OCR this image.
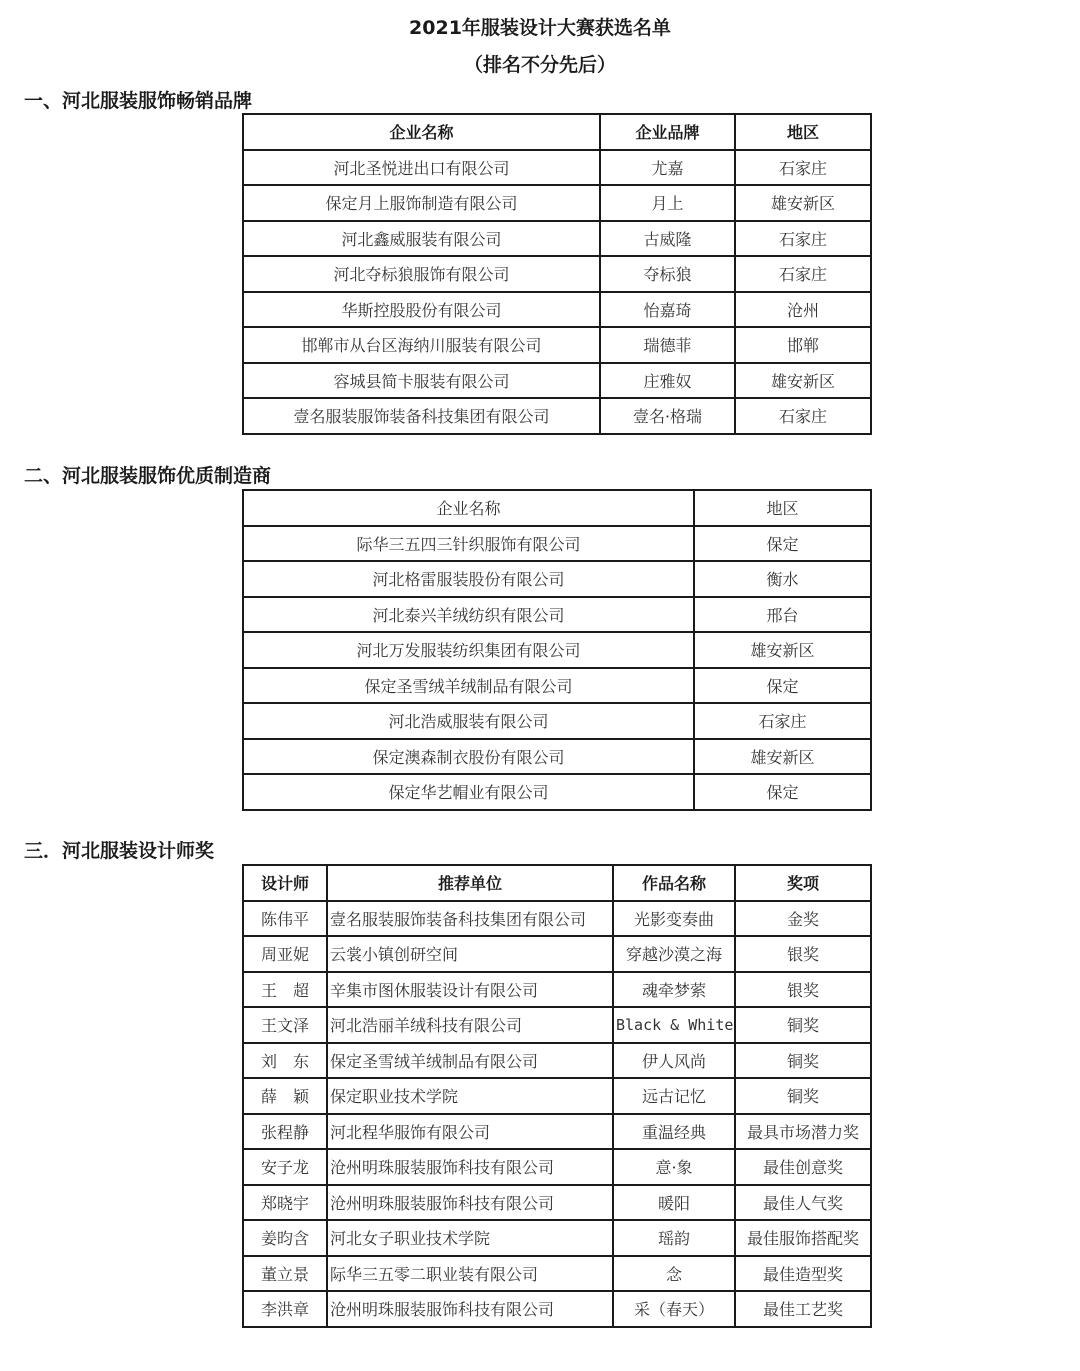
2021年服装设计大赛获选名单
（排名不分先后）
一、河北服装服饰畅销品牌
企业名称	企业品牌	地区
河北圣悦进出口有限公司	尤嘉	石家庄
保定月上服饰制造有限公司	月上	雄安新区
河北鑫威服装有限公司	古威隆	石家庄
河北夺标狼服饰有限公司	夺标狼	石家庄
华斯控股股份有限公司	怡嘉琦	沧州
邯郸市从台区海纳川服装有限公司	瑞德菲	邯郸
容城县简卡服装有限公司	庄雅奴	雄安新区
壹名服装服饰装备科技集团有限公司	壹名·格瑞	石家庄
二、河北服装服饰优质制造商
企业名称	地区
际华三五四三针织服饰有限公司	保定
河北格雷服装股份有限公司	衡水
河北泰兴羊绒纺织有限公司	邢台
河北万发服装纺织集团有限公司	雄安新区
保定圣雪绒羊绒制品有限公司	保定
河北浩威服装有限公司	石家庄
保定澳森制衣股份有限公司	雄安新区
保定华艺帽业有限公司	保定
三．河北服装设计师奖
设计师	推荐单位	作品名称	奖项
陈伟平	壹名服装服饰装备科技集团有限公司	光影变奏曲	金奖
周亚妮	云裳小镇创研空间	穿越沙漠之海	银奖
王　超	辛集市图休服装设计有限公司	魂牵梦萦	银奖
王文泽	河北浩丽羊绒科技有限公司	Black & White	铜奖
刘　东	保定圣雪绒羊绒制品有限公司	伊人风尚	铜奖
薛　颖	保定职业技术学院	远古记忆	铜奖
张程静	河北程华服饰有限公司	重温经典	最具市场潜力奖
安子龙	沧州明珠服装服饰科技有限公司	意·象	最佳创意奖
郑晓宇	沧州明珠服装服饰科技有限公司	暖阳	最佳人气奖
姜昀含	河北女子职业技术学院	瑶韵	最佳服饰搭配奖
董立景	际华三五零二职业装有限公司	念	最佳造型奖
李洪章	沧州明珠服装服饰科技有限公司	采（春天）	最佳工艺奖
